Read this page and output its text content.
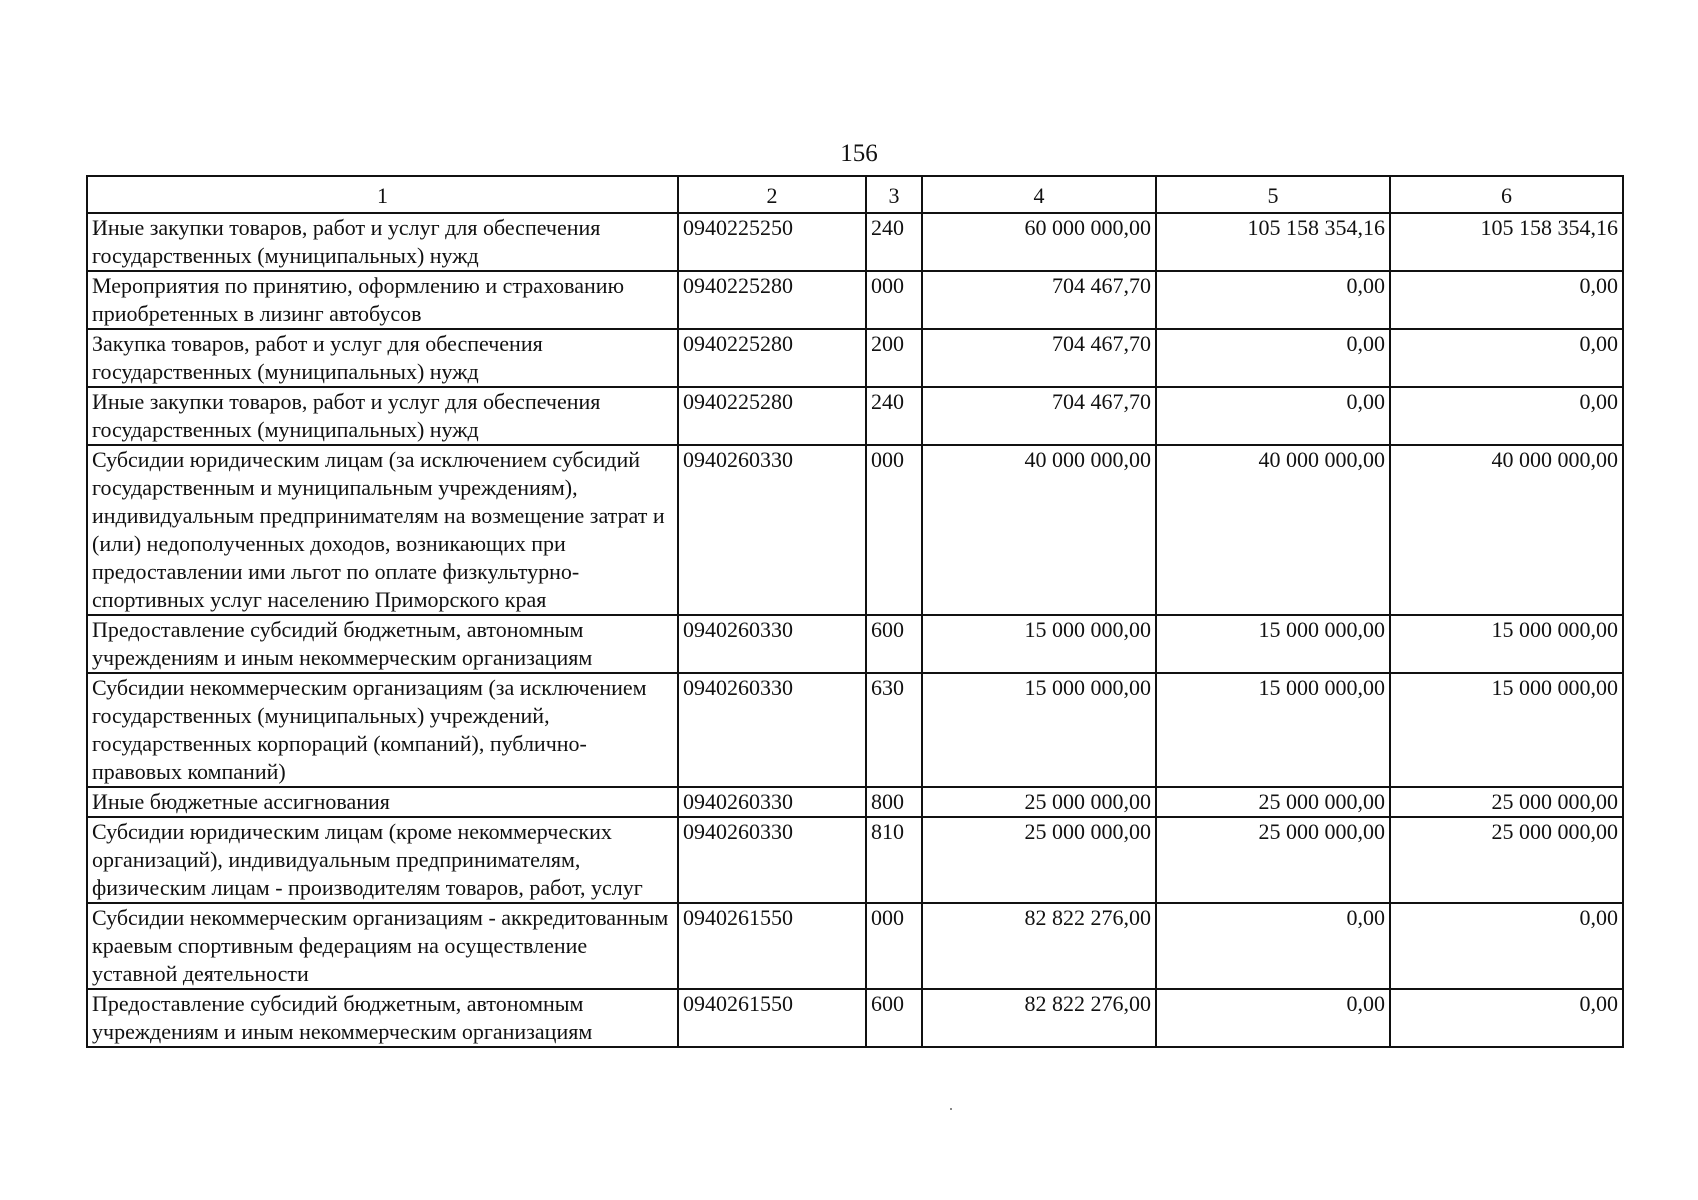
156
1	2	3	4	5	6
Иные закупки товаров, работ и услуг для обеспечения государственных (муниципальных) нужд	0940225250	240	60 000 000,00	105 158 354,16	105 158 354,16
Мероприятия по принятию, оформлению и страхованию приобретенных в лизинг автобусов	0940225280	000	704 467,70	0,00	0,00
Закупка товаров, работ и услуг для обеспечения государственных (муниципальных) нужд	0940225280	200	704 467,70	0,00	0,00
Иные закупки товаров, работ и услуг для обеспечения государственных (муниципальных) нужд	0940225280	240	704 467,70	0,00	0,00
Субсидии юридическим лицам (за исключением субсидий государственным и муниципальным учреждениям), индивидуальным предпринимателям на возмещение затрат и (или) недополученных доходов, возникающих при предоставлении ими льгот по оплате физкультурно-спортивных услуг населению Приморского края	0940260330	000	40 000 000,00	40 000 000,00	40 000 000,00
Предоставление субсидий бюджетным, автономным учреждениям и иным некоммерческим организациям	0940260330	600	15 000 000,00	15 000 000,00	15 000 000,00
Субсидии некоммерческим организациям (за исключением государственных (муниципальных) учреждений, государственных корпораций (компаний), публично-правовых компаний)	0940260330	630	15 000 000,00	15 000 000,00	15 000 000,00
Иные бюджетные ассигнования	0940260330	800	25 000 000,00	25 000 000,00	25 000 000,00
Субсидии юридическим лицам (кроме некоммерческих организаций), индивидуальным предпринимателям, физическим лицам - производителям товаров, работ, услуг	0940260330	810	25 000 000,00	25 000 000,00	25 000 000,00
Субсидии некоммерческим организациям - аккредитованным краевым спортивным федерациям на осуществление уставной деятельности	0940261550	000	82 822 276,00	0,00	0,00
Предоставление субсидий бюджетным, автономным учреждениям и иным некоммерческим организациям	0940261550	600	82 822 276,00	0,00	0,00
